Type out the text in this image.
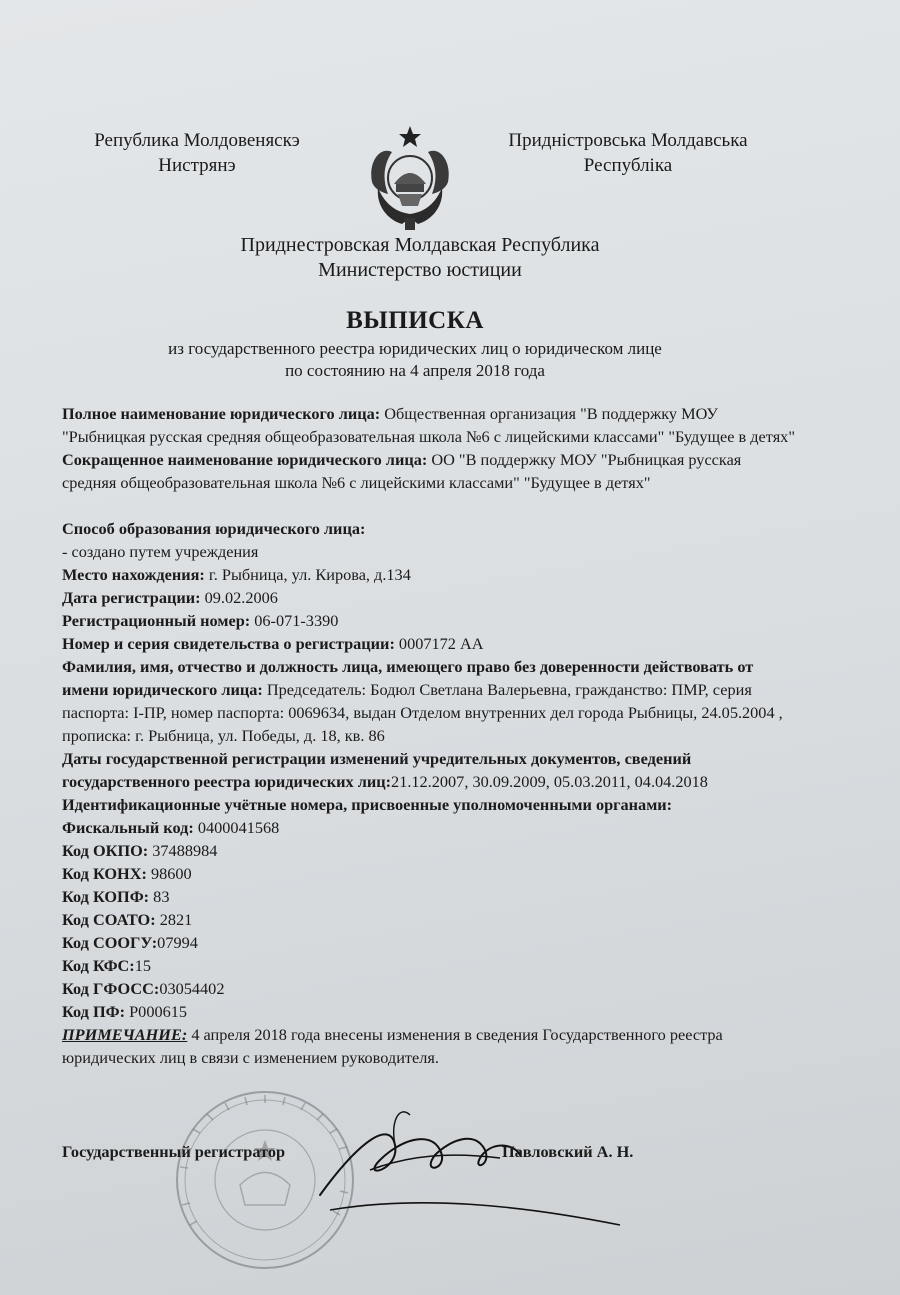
Републикa Молдовеняскэ
Нистрянэ
Придністровська Молдавська
Республіка
Приднестровская Молдавская Республика
Министерство юстиции
ВЫПИСКА
из государственного реестра юридических лиц о юридическом лице
по состоянию на 4 апреля 2018 года

Полное наименование юридического лица: Общественная организация "В поддержку МОУ "Рыбницкая русская средняя общеобразовательная школа №6 с лицейскими классами" "Будущее в детях"

Сокращенное наименование юридического лица: ОО "В поддержку МОУ "Рыбницкая русская средняя общеобразовательная школа №6 с лицейскими классами" "Будущее в детях"

Способ образования юридического лица:

- создано путем учреждения

Место нахождения: г. Рыбница, ул. Кирова, д.134

Дата регистрации: 09.02.2006

Регистрационный номер: 06-071-3390

Номер и серия свидетельства о регистрации: 0007172 АА

Фамилия, имя, отчество и должность лица, имеющего право без доверенности действовать от имени юридического лица: Председатель: Бодюл Светлана Валерьевна, гражданство: ПМР, серия паспорта: I-ПР, номер паспорта: 0069634, выдан Отделом внутренних дел города Рыбницы, 24.05.2004 , прописка: г. Рыбница, ул. Победы, д. 18, кв. 86

Даты государственной регистрации изменений учредительных документов, сведений государственного реестра юридических лиц:21.12.2007, 30.09.2009, 05.03.2011, 04.04.2018

Идентификационные учётные номера, присвоенные уполномоченными органами:

Фискальный код: 0400041568

Код ОКПО: 37488984

Код КОНХ: 98600

Код КОПФ: 83

Код СОАТО: 2821

Код СООГУ:07994

Код КФС:15

Код ГФОСС:03054402

Код ПФ: Р000615

ПРИМЕЧАНИЕ: 4 апреля 2018 года внесены изменения в сведения Государственного реестра юридических лиц в связи с изменением руководителя.

Государственный регистратор	Павловский А. Н.
